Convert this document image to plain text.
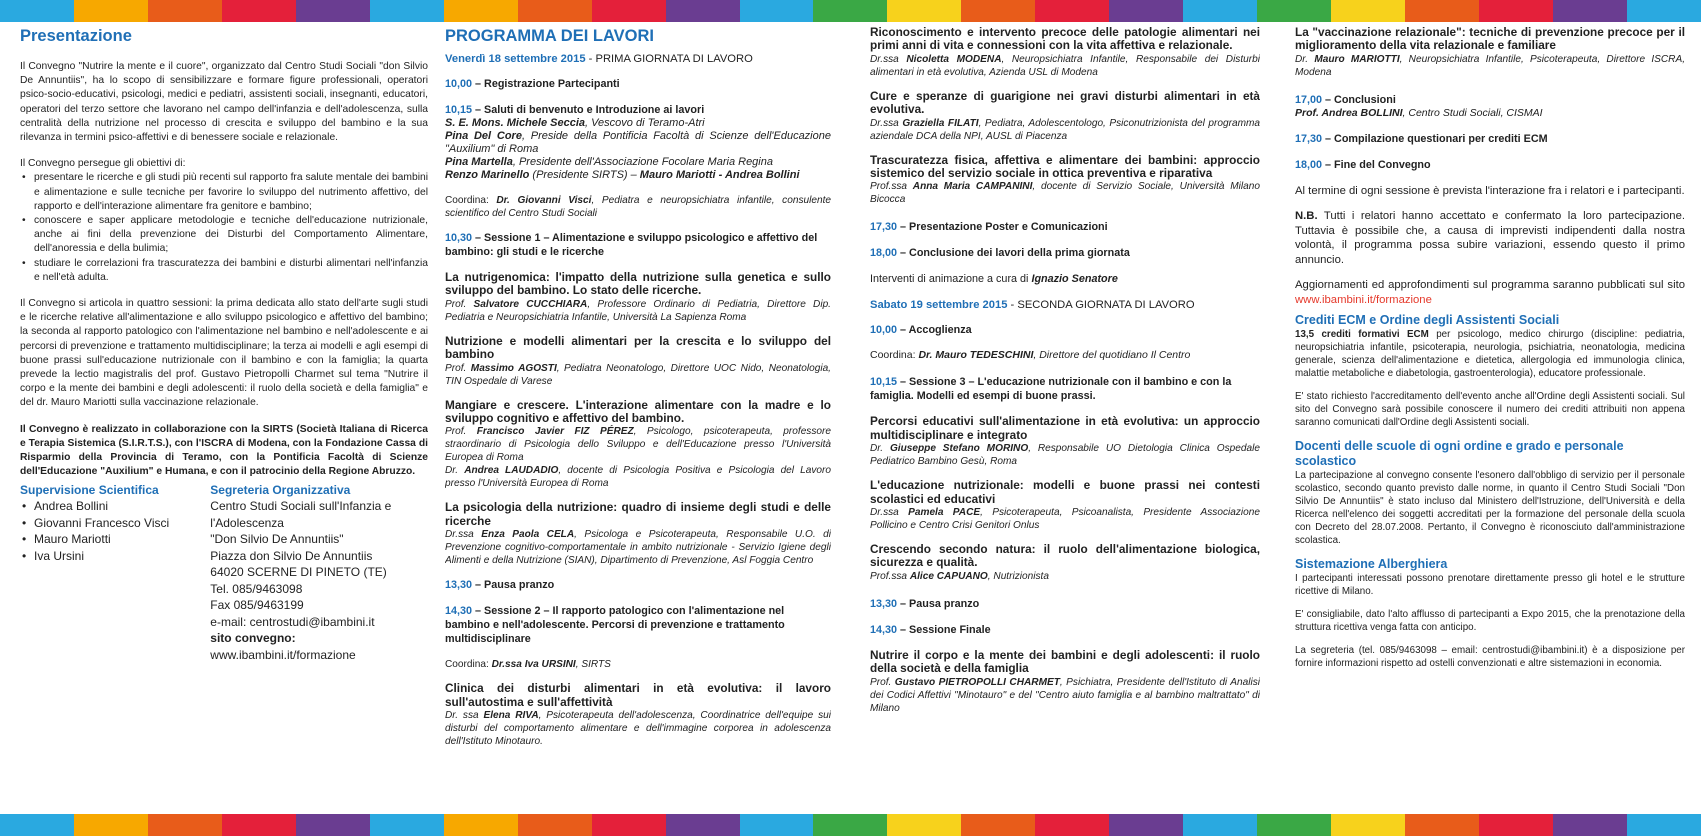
Presentazione

Il Convegno "Nutrire la mente e il cuore", organizzato dal Centro Studi Sociali "don Silvio De Annuntiis", ha lo scopo di sensibilizzare e formare figure professionali, operatori psico-socio-educativi, psicologi, medici e pediatri, assistenti sociali, insegnanti, educatori, operatori del terzo settore che lavorano nel campo dell'infanzia e dell'adolescenza, sulla centralità della nutrizione nel processo di crescita e sviluppo del bambino e la sua rilevanza in termini psico-affettivi e di benessere sociale e relazionale.

Il Convegno persegue gli obiettivi di:

• presentare le ricerche e gli studi più recenti sul rapporto fra salute mentale dei bambini e alimentazione e sulle tecniche per favorire lo sviluppo del nutrimento affettivo, del rapporto e dell'interazione alimentare fra genitore e bambino;
• conoscere e saper applicare metodologie e tecniche dell'educazione nutrizionale, anche ai fini della prevenzione dei Disturbi del Comportamento Alimentare, dell'anoressia e della bulimia;
• studiare le correlazioni fra trascuratezza dei bambini e disturbi alimentari nell'infanzia e nell'età adulta.

Il Convegno si articola in quattro sessioni: la prima dedicata allo stato dell'arte sugli studi e le ricerche relative all'alimentazione e allo sviluppo psicologico e affettivo del bambino; la seconda al rapporto patologico con l'alimentazione nel bambino e nell'adolescente e ai percorsi di prevenzione e trattamento multidisciplinare; la terza ai modelli e agli esempi di buone prassi sull'educazione nutrizionale con il bambino e con la famiglia; la quarta prevede la lectio magistralis del prof. Gustavo Pietropolli Charmet sul tema "Nutrire il corpo e la mente dei bambini e degli adolescenti: il ruolo della società e della famiglia" e del dr. Mauro Mariotti sulla vaccinazione relazionale.

Il Convegno è realizzato in collaborazione con la SIRTS (Società Italiana di Ricerca e Terapia Sistemica (S.I.R.T.S.), con l'ISCRA di Modena, con la Fondazione Cassa di Risparmio della Provincia di Teramo, con la Pontificia Facoltà di Scienze dell'Educazione "Auxilium" e Humana, e con il patrocinio della Regione Abruzzo.

Supervisione Scientifica
• Andrea Bollini
• Giovanni Francesco Visci
• Mauro Mariotti
• Iva Ursini
Segreteria Organizzativa
Centro Studi Sociali sull'Infanzia e l'Adolescenza
"Don Silvio De Annuntiis"
Piazza don Silvio De Annuntiis
64020 SCERNE DI PINETO (TE)
Tel. 085/9463098
Fax 085/9463199
e-mail: centrostudi@ibambini.it
sito convegno:
www.ibambini.it/formazione
PROGRAMMA DEI LAVORI
Venerdì 18 settembre 2015 - PRIMA GIORNATA DI LAVORO
10,00 – Registrazione Partecipanti
10,15 – Saluti di benvenuto e Introduzione ai lavori
S. E. Mons. Michele Seccia, Vescovo di Teramo-Atri
Pina Del Core, Preside della Pontificia Facoltà di Scienze dell'Educazione "Auxilium" di Roma
Pina Martella, Presidente dell'Associazione Focolare Maria Regina
Renzo Marinello (Presidente SIRTS) – Mauro Mariotti - Andrea Bollini
Coordina: Dr. Giovanni Visci, Pediatra e neuropsichiatra infantile, consulente scientifico del Centro Studi Sociali
10,30 – Sessione 1 – Alimentazione e sviluppo psicologico e affettivo del bambino: gli studi e le ricerche
La nutrigenomica: l'impatto della nutrizione sulla genetica e sullo sviluppo del bambino. Lo stato delle ricerche.
Prof. Salvatore CUCCHIARA, Professore Ordinario di Pediatria, Direttore Dip. Pediatria e Neuropsichiatria Infantile, Università La Sapienza Roma
Nutrizione e modelli alimentari per la crescita e lo sviluppo del bambino
Prof. Massimo AGOSTI, Pediatra Neonatologo, Direttore UOC Nido, Neonatologia, TIN Ospedale di Varese
Mangiare e crescere. L'interazione alimentare con la madre e lo sviluppo cognitivo e affettivo del bambino.
Prof. Francisco Javier FIZ PÉREZ, Psicologo, psicoterapeuta, professore straordinario di Psicologia dello Sviluppo e dell'Educazione presso l'Università Europea di Roma
Dr. Andrea LAUDADIO, docente di Psicologia Positiva e Psicologia del Lavoro presso l'Università Europea di Roma
La psicologia della nutrizione: quadro di insieme degli studi e delle ricerche
Dr.ssa Enza Paola CELA, Psicologa e Psicoterapeuta, Responsabile U.O. di Prevenzione cognitivo-comportamentale in ambito nutrizionale - Servizio Igiene degli Alimenti e della Nutrizione (SIAN), Dipartimento di Prevenzione, Asl Foggia Centro
13,30 – Pausa pranzo
14,30 – Sessione 2 – Il rapporto patologico con l'alimentazione nel bambino e nell'adolescente. Percorsi di prevenzione e trattamento multidisciplinare
Coordina: Dr.ssa Iva URSINI, SIRTS
Clinica dei disturbi alimentari in età evolutiva: il lavoro sull'autostima e sull'affettività
Dr. ssa Elena RIVA, Psicoterapeuta dell'adolescenza, Coordinatrice dell'equipe sui disturbi del comportamento alimentare e dell'immagine corporea in adolescenza dell'Istituto Minotauro.
Riconoscimento e intervento precoce delle patologie alimentari nei primi anni di vita e connessioni con la vita affettiva e relazionale.
Dr.ssa Nicoletta MODENA, Neuropsichiatra Infantile, Responsabile dei Disturbi alimentari in età evolutiva, Azienda USL di Modena
Cure e speranze di guarigione nei gravi disturbi alimentari in età evolutiva.
Dr.ssa Graziella FILATI, Pediatra, Adolescentologo, Psiconutrizionista del programma aziendale DCA della NPI, AUSL di Piacenza
Trascuratezza fisica, affettiva e alimentare dei bambini: approccio sistemico del servizio sociale in ottica preventiva e riparativa
Prof.ssa Anna Maria CAMPANINI, docente di Servizio Sociale, Università Milano Bicocca
17,30 – Presentazione Poster e Comunicazioni
18,00 – Conclusione dei lavori della prima giornata
Interventi di animazione a cura di Ignazio Senatore
Sabato 19 settembre 2015 - SECONDA GIORNATA DI LAVORO
10,00 – Accoglienza
Coordina: Dr. Mauro TEDESCHINI, Direttore del quotidiano Il Centro
10,15 – Sessione 3 – L'educazione nutrizionale con il bambino e con la famiglia. Modelli ed esempi di buone prassi.
Percorsi educativi sull'alimentazione in età evolutiva: un approccio multidisciplinare e integrato
Dr. Giuseppe Stefano MORINO, Responsabile UO Dietologia Clinica Ospedale Pediatrico Bambino Gesù, Roma
L'educazione nutrizionale: modelli e buone prassi nei contesti scolastici ed educativi
Dr.ssa Pamela PACE, Psicoterapeuta, Psicoanalista, Presidente Associazione Pollicino e Centro Crisi Genitori Onlus
Crescendo secondo natura: il ruolo dell'alimentazione biologica, sicurezza e qualità.
Prof.ssa Alice CAPUANO, Nutrizionista
13,30 – Pausa pranzo
14,30 – Sessione Finale
Nutrire il corpo e la mente dei bambini e degli adolescenti: il ruolo della società e della famiglia
Prof. Gustavo PIETROPOLLI CHARMET, Psichiatra, Presidente dell'Istituto di Analisi dei Codici Affettivi "Minotauro" e del "Centro aiuto famiglia e al bambino maltrattato" di Milano
La "vaccinazione relazionale": tecniche di prevenzione precoce per il miglioramento della vita relazionale e familiare
Dr. Mauro MARIOTTI, Neuropsichiatra Infantile, Psicoterapeuta, Direttore ISCRA, Modena
17,00 – Conclusioni
Prof. Andrea BOLLINI, Centro Studi Sociali, CISMAI
17,30 – Compilazione questionari per crediti ECM
18,00 – Fine del Convegno

Al termine di ogni sessione è prevista l'interazione fra i relatori e i partecipanti.

N.B. Tutti i relatori hanno accettato e confermato la loro partecipazione. Tuttavia è possibile che, a causa di imprevisti indipendenti dalla nostra volontà, il programma possa subire variazioni, essendo questo il primo annuncio.

Aggiornamenti ed approfondimenti sul programma saranno pubblicati sul sito www.ibambini.it/formazione

Crediti ECM e Ordine degli Assistenti Sociali

13,5 crediti formativi ECM per psicologo, medico chirurgo (discipline: pediatria, neuropsichiatria infantile, psicoterapia, neurologia, psichiatria, neonatologia, medicina generale, scienza dell'alimentazione e dietetica, allergologia ed immunologia clinica, malattie metaboliche e diabetologia, gastroenterologia), educatore professionale.

E' stato richiesto l'accreditamento dell'evento anche all'Ordine degli Assistenti sociali. Sul sito del Convegno sarà possibile conoscere il numero dei crediti attribuiti non appena saranno comunicati dall'Ordine degli Assistenti sociali.

Docenti delle scuole di ogni ordine e grado e personale scolastico

La partecipazione al convegno consente l'esonero dall'obbligo di servizio per il personale scolastico, secondo quanto previsto dalle norme, in quanto il Centro Studi Sociali "Don Silvio De Annuntiis" è stato incluso dal Ministero dell'Istruzione, dell'Università e della Ricerca nell'elenco dei soggetti accreditati per la formazione del personale della scuola con Decreto del 28.07.2008. Pertanto, il Convegno è riconosciuto dall'amministrazione scolastica.

Sistemazione Alberghiera

I partecipanti interessati possono prenotare direttamente presso gli hotel e le strutture ricettive di Milano.

E' consigliabile, dato l'alto afflusso di partecipanti a Expo 2015, che la prenotazione della struttura ricettiva venga fatta con anticipo.

La segreteria (tel. 085/9463098 – email: centrostudi@ibambini.it) è a disposizione per fornire informazioni rispetto ad ostelli convenzionati e altre sistemazioni in economia.
